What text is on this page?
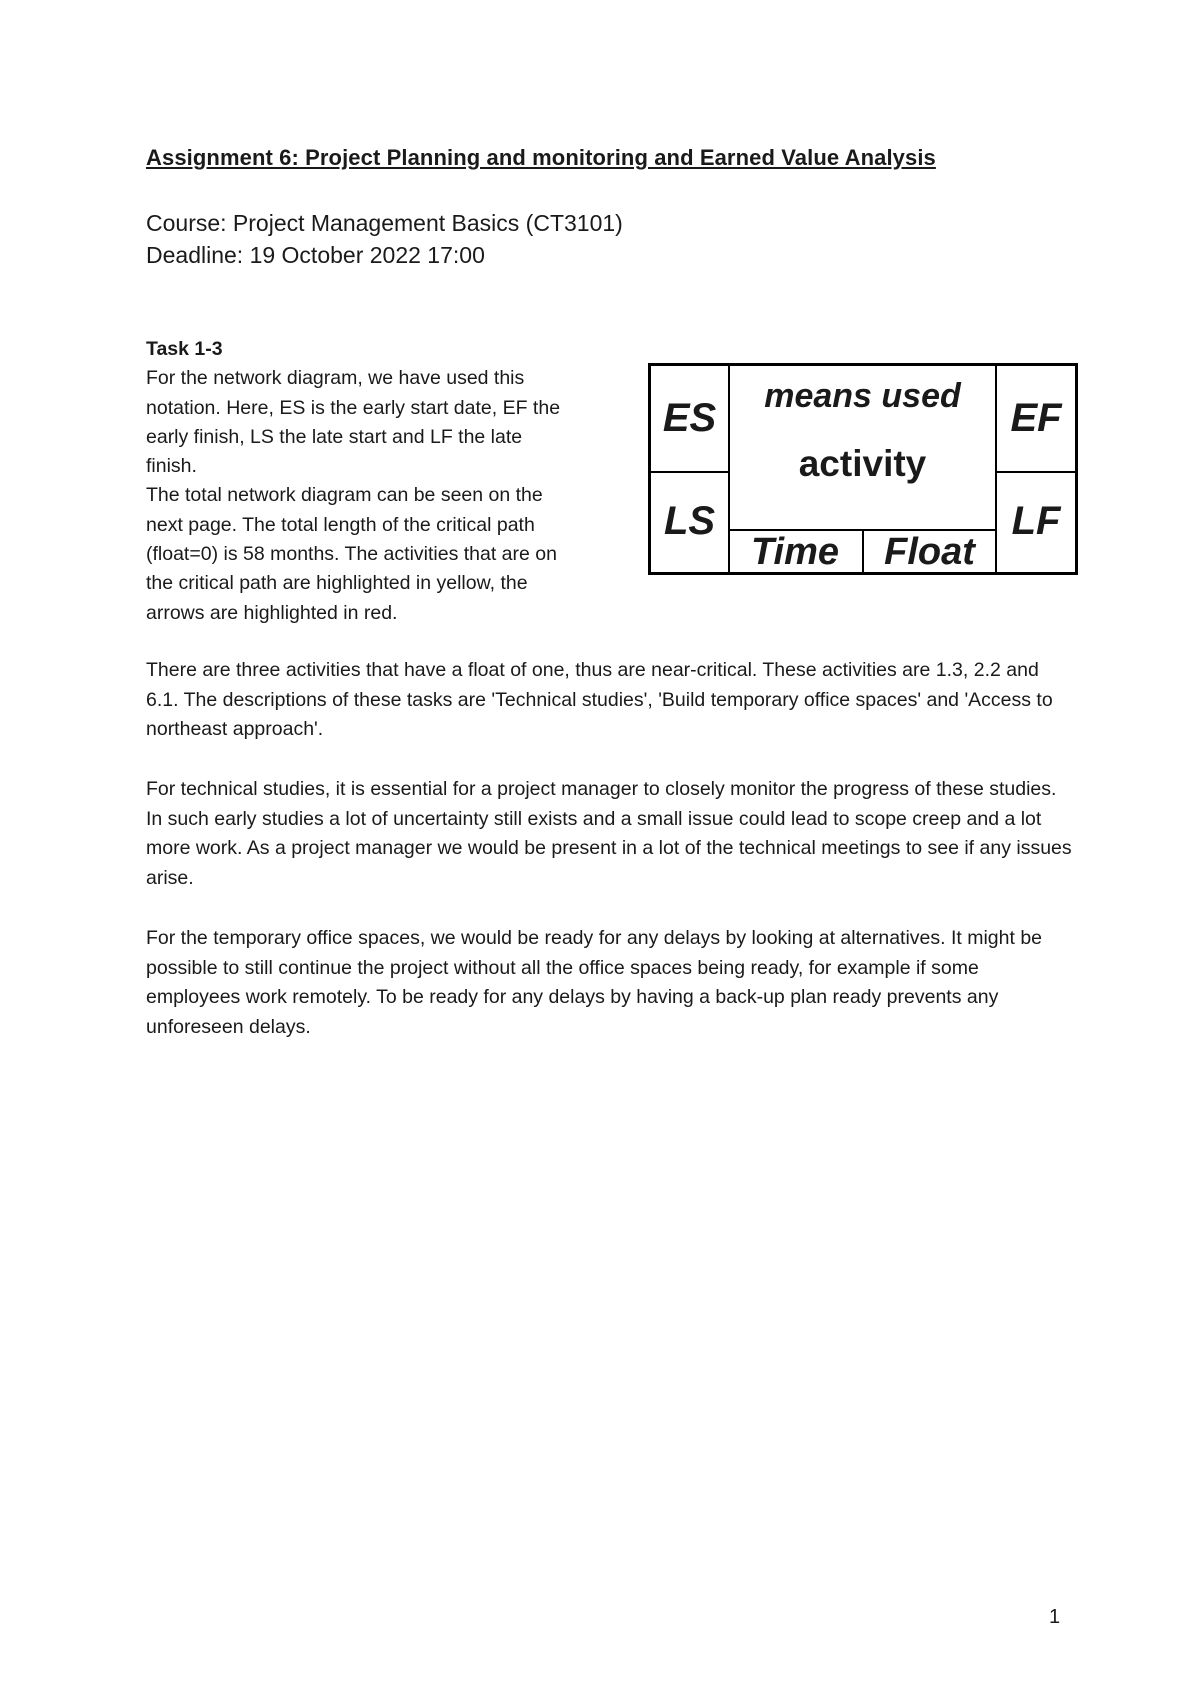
Assignment 6: Project Planning and monitoring and Earned Value Analysis
Course: Project Management Basics (CT3101)
Deadline: 19 October 2022 17:00
Task 1-3

For the network diagram, we have used this

notation. Here, ES is the early start date, EF the

early finish, LS the late start and LF the late

finish.

The total network diagram can be seen on the

next page. The total length of the critical path

(float=0) is 58 months. The activities that are on

the critical path are highlighted in yellow, the

arrows are highlighted in red.

ES
LS
means used
activity
Time	Float
EF
LF

There are three activities that have a float of one, thus are near-critical. These activities are 1.3, 2.2 and 6.1. The descriptions of these tasks are 'Technical studies', 'Build temporary office spaces' and 'Access to northeast approach'.

For technical studies, it is essential for a project manager to closely monitor the progress of these studies. In such early studies a lot of uncertainty still exists and a small issue could lead to scope creep and a lot more work. As a project manager we would be present in a lot of the technical meetings to see if any issues arise.

For the temporary office spaces, we would be ready for any delays by looking at alternatives. It might be possible to still continue the project without all the office spaces being ready, for example if some employees work remotely. To be ready for any delays by having a back-up plan ready prevents any unforeseen delays.

1
